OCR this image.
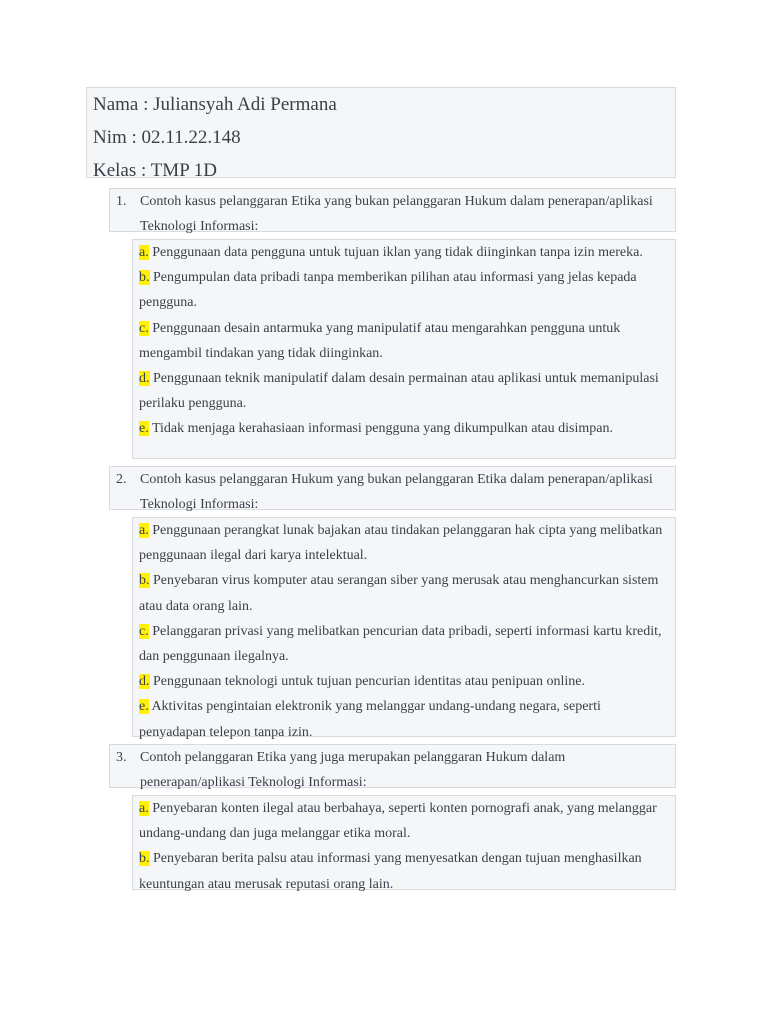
Nama : Juliansyah Adi Permana
Nim : 02.11.22.148
Kelas : TMP 1D
1. Contoh kasus pelanggaran Etika yang bukan pelanggaran Hukum dalam penerapan/aplikasi Teknologi Informasi:

a. Penggunaan data pengguna untuk tujuan iklan yang tidak diinginkan tanpa izin mereka.

b. Pengumpulan data pribadi tanpa memberikan pilihan atau informasi yang jelas kepada pengguna.

c. Penggunaan desain antarmuka yang manipulatif atau mengarahkan pengguna untuk mengambil tindakan yang tidak diinginkan.

d. Penggunaan teknik manipulatif dalam desain permainan atau aplikasi untuk memanipulasi perilaku pengguna.

e. Tidak menjaga kerahasiaan informasi pengguna yang dikumpulkan atau disimpan.

2. Contoh kasus pelanggaran Hukum yang bukan pelanggaran Etika dalam penerapan/aplikasi Teknologi Informasi:

a. Penggunaan perangkat lunak bajakan atau tindakan pelanggaran hak cipta yang melibatkan penggunaan ilegal dari karya intelektual.

b. Penyebaran virus komputer atau serangan siber yang merusak atau menghancurkan sistem atau data orang lain.

c. Pelanggaran privasi yang melibatkan pencurian data pribadi, seperti informasi kartu kredit, dan penggunaan ilegalnya.

d. Penggunaan teknologi untuk tujuan pencurian identitas atau penipuan online.

e. Aktivitas pengintaian elektronik yang melanggar undang-undang negara, seperti penyadapan telepon tanpa izin.

3. Contoh pelanggaran Etika yang juga merupakan pelanggaran Hukum dalam penerapan/aplikasi Teknologi Informasi:

a. Penyebaran konten ilegal atau berbahaya, seperti konten pornografi anak, yang melanggar undang-undang dan juga melanggar etika moral.

b. Penyebaran berita palsu atau informasi yang menyesatkan dengan tujuan menghasilkan keuntungan atau merusak reputasi orang lain.
